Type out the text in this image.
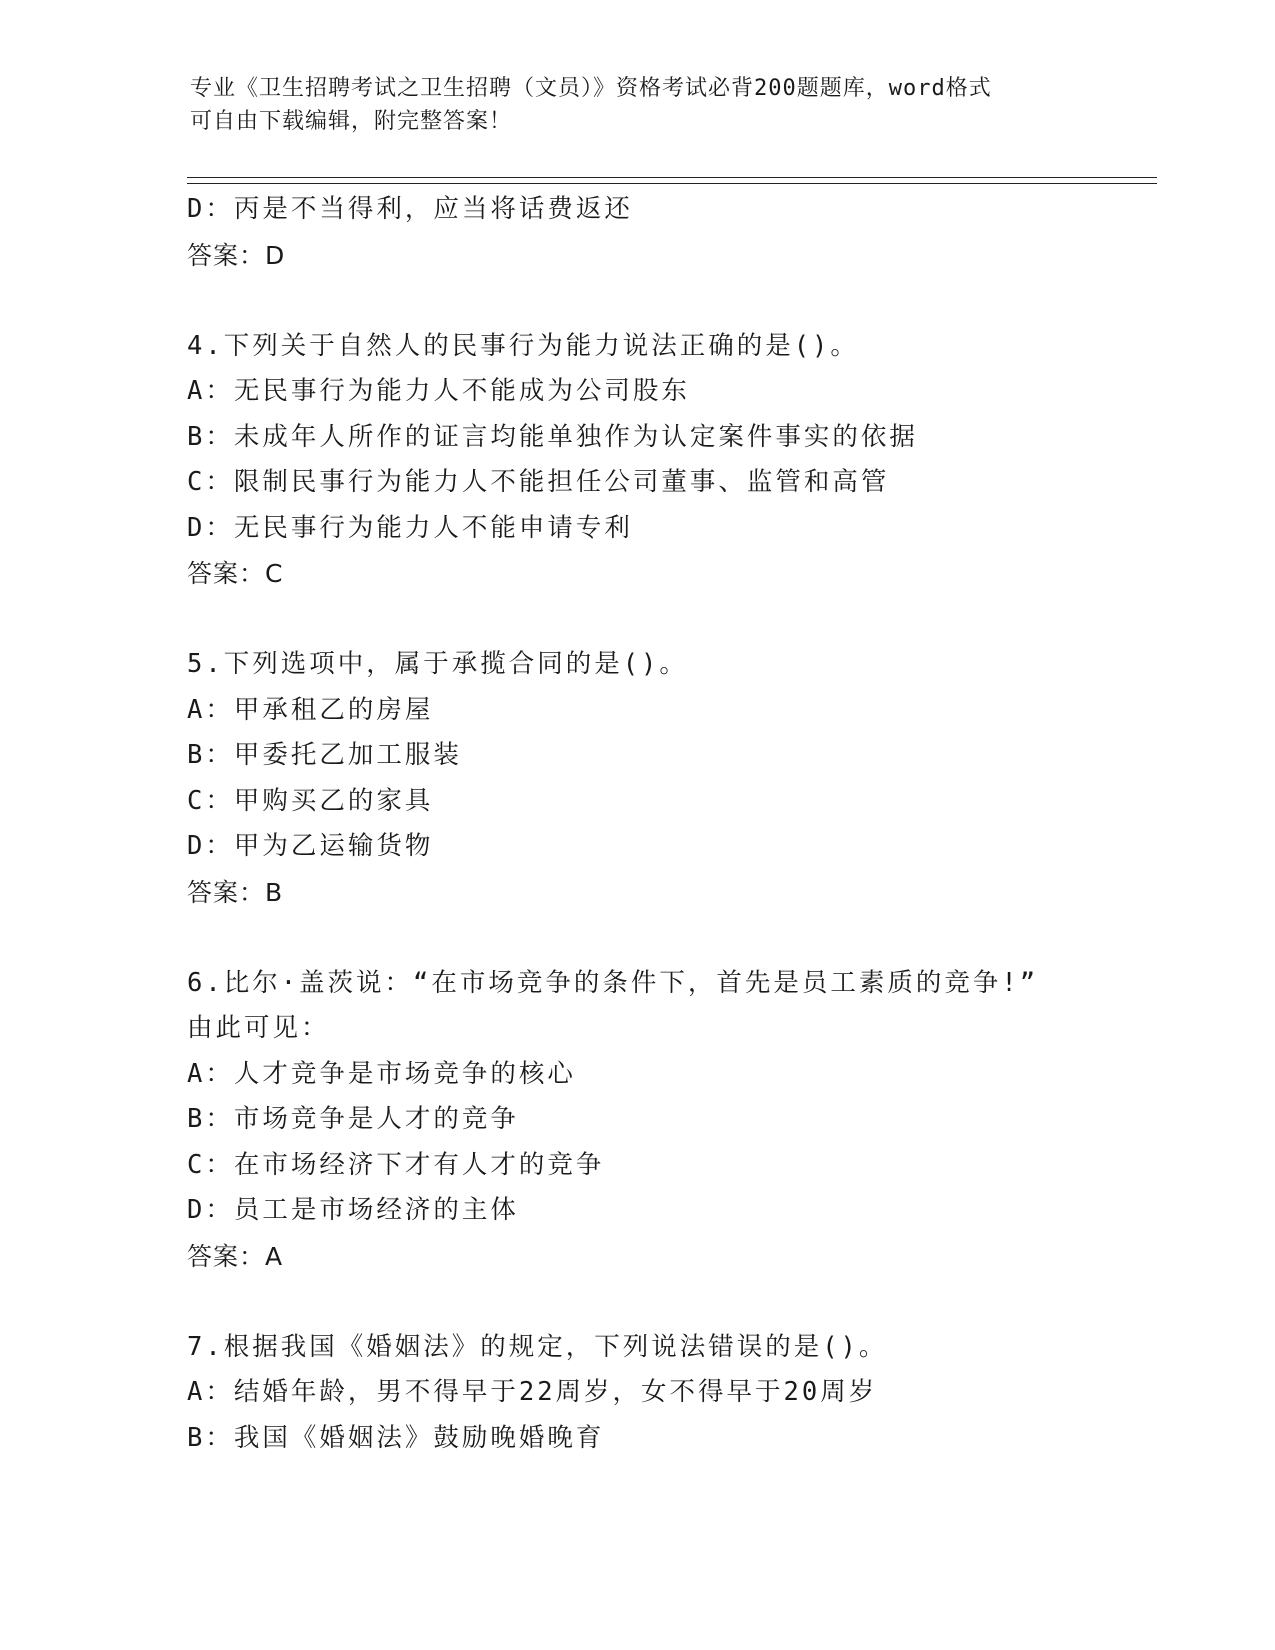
专业《卫生招聘考试之卫生招聘（文员）》资格考试必背200题题库，word格式
可自由下载编辑，附完整答案！
D：丙是不当得利，应当将话费返还
答案：D
4.下列关于自然人的民事行为能力说法正确的是()。
A：无民事行为能力人不能成为公司股东
B：未成年人所作的证言均能单独作为认定案件事实的依据
C：限制民事行为能力人不能担任公司董事、监管和高管
D：无民事行为能力人不能申请专利
答案：C
5.下列选项中，属于承揽合同的是()。
A：甲承租乙的房屋
B：甲委托乙加工服装
C：甲购买乙的家具
D：甲为乙运输货物
答案：B
6.比尔·盖茨说：“在市场竞争的条件下，首先是员工素质的竞争!”
由此可见：
A：人才竞争是市场竞争的核心
B：市场竞争是人才的竞争
C：在市场经济下才有人才的竞争
D：员工是市场经济的主体
答案：A
7.根据我国《婚姻法》的规定，下列说法错误的是()。
A：结婚年龄，男不得早于22周岁，女不得早于20周岁
B：我国《婚姻法》鼓励晚婚晚育
